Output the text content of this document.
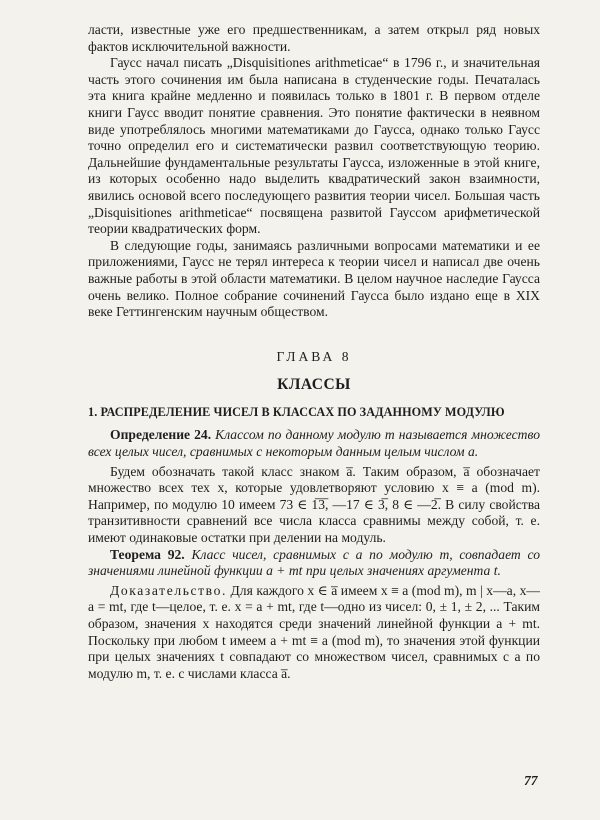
ласти, известные уже его предшественникам, а затем открыл ряд новых фактов исключительной важности.

Гаусс начал писать „Disquisitiones arithmeticae“ в 1796 г., и значительная часть этого сочинения им была написана в студенческие годы. Печаталась эта книга крайне медленно и появилась только в 1801 г. В первом отделе книги Гаусс вводит понятие сравнения. Это понятие фактически в неявном виде употреблялось многими математиками до Гаусса, однако только Гаусс точно определил его и систематически развил соответствующую теорию. Дальнейшие фундаментальные результаты Гаусса, изложенные в этой книге, из которых особенно надо выделить квадратический закон взаимности, явились основой всего последующего развития теории чисел. Большая часть „Disquisitiones arithmeticae“ посвящена развитой Гауссом арифметической теории квадратических форм.

В следующие годы, занимаясь различными вопросами математики и ее приложениями, Гаусс не терял интереса к теории чисел и написал две очень важные работы в этой области математики. В целом научное наследие Гаусса очень велико. Полное собрание сочинений Гаусса было издано еще в XIX веке Геттингенским научным обществом.

ГЛАВА 8
КЛАССЫ
1. РАСПРЕДЕЛЕНИЕ ЧИСЕЛ В КЛАССАХ ПО ЗАДАННОМУ МОДУЛЮ

Определение 24. Классом по данному модулю m называется множество всех целых чисел, сравнимых с некоторым данным целым числом a.

Будем обозначать такой класс знаком a̅. Таким образом, a̅ обозначает множество всех тех x, которые удовлетворяют условию x ≡ a (mod m). Например, по модулю 10 имеем 73 ∈ 1̅3̅, —17 ∈ 3̅, 8 ∈ —2̅. В силу свойства транзитивности сравнений все числа класса сравнимы между собой, т. е. имеют одинаковые остатки при делении на модуль.

Теорема 92. Класс чисел, сравнимых с a по модулю m, совпадает со значениями линейной функции a + mt при целых значениях аргумента t.

Доказательство. Для каждого x ∈ a̅ имеем x ≡ a (mod m), m | x—a, x—a = mt, где t—целое, т. е. x = a + mt, где t—одно из чисел: 0, ± 1, ± 2, ... Таким образом, значения x находятся среди значений линейной функции a + mt. Поскольку при любом t имеем a + mt ≡ a (mod m), то значения этой функции при целых значениях t совпадают со множеством чисел, сравнимых с a по модулю m, т. е. с числами класса a̅.

77
